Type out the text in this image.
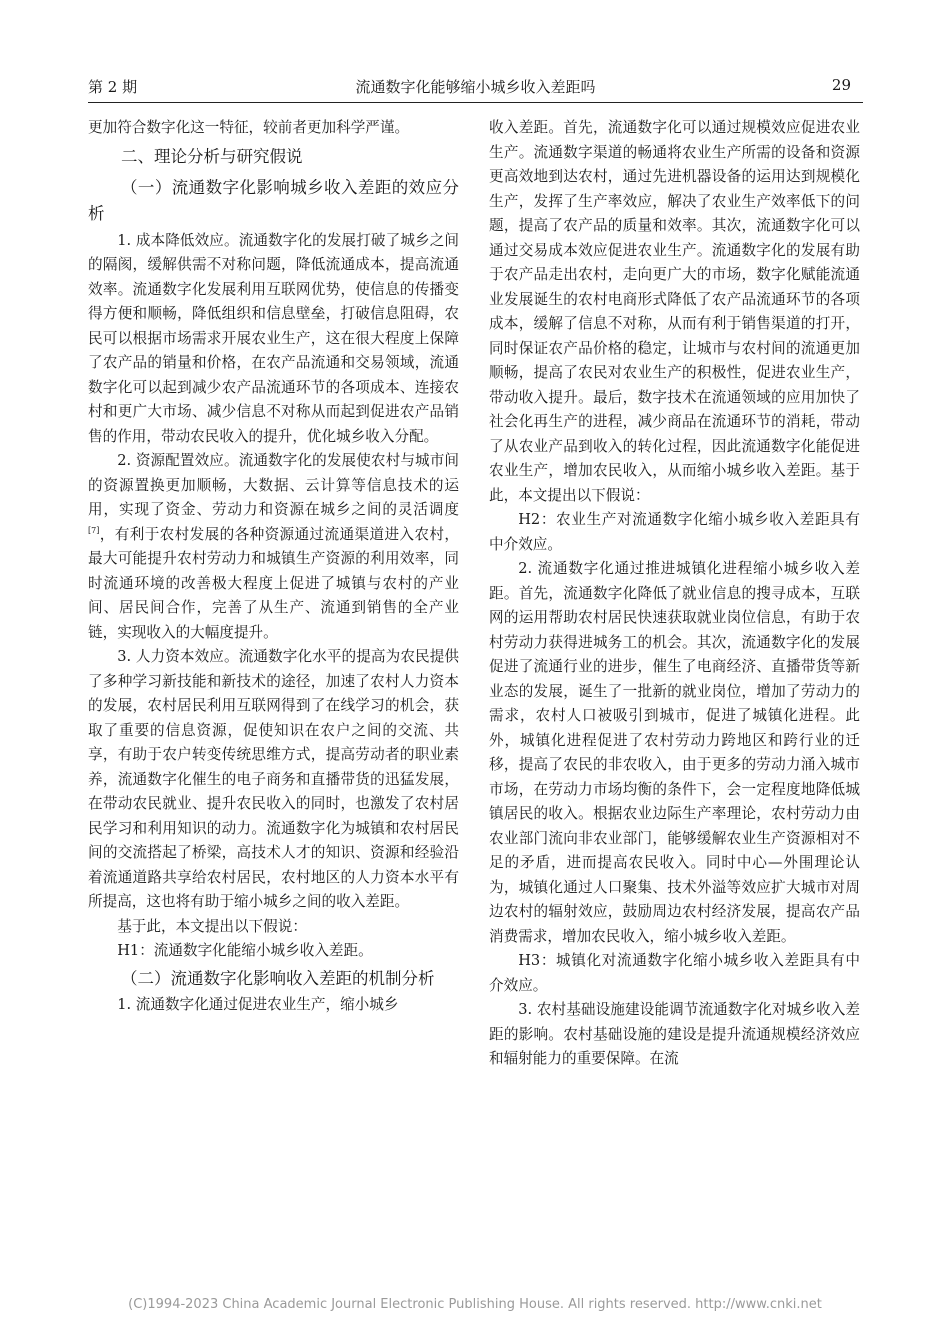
第 2 期	流通数字化能够缩小城乡收入差距吗	29

更加符合数字化这一特征，较前者更加科学严谨。

二、理论分析与研究假说

（一）流通数字化影响城乡收入差距的效应分析

1. 成本降低效应。流通数字化的发展打破了城乡之间的隔阂，缓解供需不对称问题，降低流通成本，提高流通效率。流通数字化发展利用互联网优势，使信息的传播变得方便和顺畅，降低组织和信息壁垒，打破信息阻碍，农民可以根据市场需求开展农业生产，这在很大程度上保障了农产品的销量和价格，在农产品流通和交易领域，流通数字化可以起到减少农产品流通环节的各项成本、连接农村和更广大市场、减少信息不对称从而起到促进农产品销售的作用，带动农民收入的提升，优化城乡收入分配。

2. 资源配置效应。流通数字化的发展使农村与城市间的资源置换更加顺畅，大数据、云计算等信息技术的运用，实现了资金、劳动力和资源在城乡之间的灵活调度[7]，有利于农村发展的各种资源通过流通渠道进入农村，最大可能提升农村劳动力和城镇生产资源的利用效率，同时流通环境的改善极大程度上促进了城镇与农村的产业间、居民间合作，完善了从生产、流通到销售的全产业链，实现收入的大幅度提升。

3. 人力资本效应。流通数字化水平的提高为农民提供了多种学习新技能和新技术的途径，加速了农村人力资本的发展，农村居民利用互联网得到了在线学习的机会，获取了重要的信息资源，促使知识在农户之间的交流、共享，有助于农户转变传统思维方式，提高劳动者的职业素养，流通数字化催生的电子商务和直播带货的迅猛发展，在带动农民就业、提升农民收入的同时，也激发了农村居民学习和利用知识的动力。流通数字化为城镇和农村居民间的交流搭起了桥梁，高技术人才的知识、资源和经验沿着流通道路共享给农村居民，农村地区的人力资本水平有所提高，这也将有助于缩小城乡之间的收入差距。

基于此，本文提出以下假说：

H1：流通数字化能缩小城乡收入差距。

（二）流通数字化影响收入差距的机制分析

1. 流通数字化通过促进农业生产，缩小城乡

收入差距。首先，流通数字化可以通过规模效应促进农业生产。流通数字渠道的畅通将农业生产所需的设备和资源更高效地到达农村，通过先进机器设备的运用达到规模化生产，发挥了生产率效应，解决了农业生产效率低下的问题，提高了农产品的质量和效率。其次，流通数字化可以通过交易成本效应促进农业生产。流通数字化的发展有助于农产品走出农村，走向更广大的市场，数字化赋能流通业发展诞生的农村电商形式降低了农产品流通环节的各项成本，缓解了信息不对称，从而有利于销售渠道的打开，同时保证农产品价格的稳定，让城市与农村间的流通更加顺畅，提高了农民对农业生产的积极性，促进农业生产，带动收入提升。最后，数字技术在流通领域的应用加快了社会化再生产的进程，减少商品在流通环节的消耗，带动了从农业产品到收入的转化过程，因此流通数字化能促进农业生产，增加农民收入，从而缩小城乡收入差距。基于此，本文提出以下假说：

H2：农业生产对流通数字化缩小城乡收入差距具有中介效应。

2. 流通数字化通过推进城镇化进程缩小城乡收入差距。首先，流通数字化降低了就业信息的搜寻成本，互联网的运用帮助农村居民快速获取就业岗位信息，有助于农村劳动力获得进城务工的机会。其次，流通数字化的发展促进了流通行业的进步，催生了电商经济、直播带货等新业态的发展，诞生了一批新的就业岗位，增加了劳动力的需求，农村人口被吸引到城市，促进了城镇化进程。此外，城镇化进程促进了农村劳动力跨地区和跨行业的迁移，提高了农民的非农收入，由于更多的劳动力涌入城市市场，在劳动力市场均衡的条件下，会一定程度地降低城镇居民的收入。根据农业边际生产率理论，农村劳动力由农业部门流向非农业部门，能够缓解农业生产资源相对不足的矛盾，进而提高农民收入。同时中心—外围理论认为，城镇化通过人口聚集、技术外溢等效应扩大城市对周边农村的辐射效应，鼓励周边农村经济发展，提高农产品消费需求，增加农民收入，缩小城乡收入差距。

H3：城镇化对流通数字化缩小城乡收入差距具有中介效应。

3. 农村基础设施建设能调节流通数字化对城乡收入差距的影响。农村基础设施的建设是提升流通规模经济效应和辐射能力的重要保障。在流

(C)1994-2023 China Academic Journal Electronic Publishing House. All rights reserved. http://www.cnki.net
